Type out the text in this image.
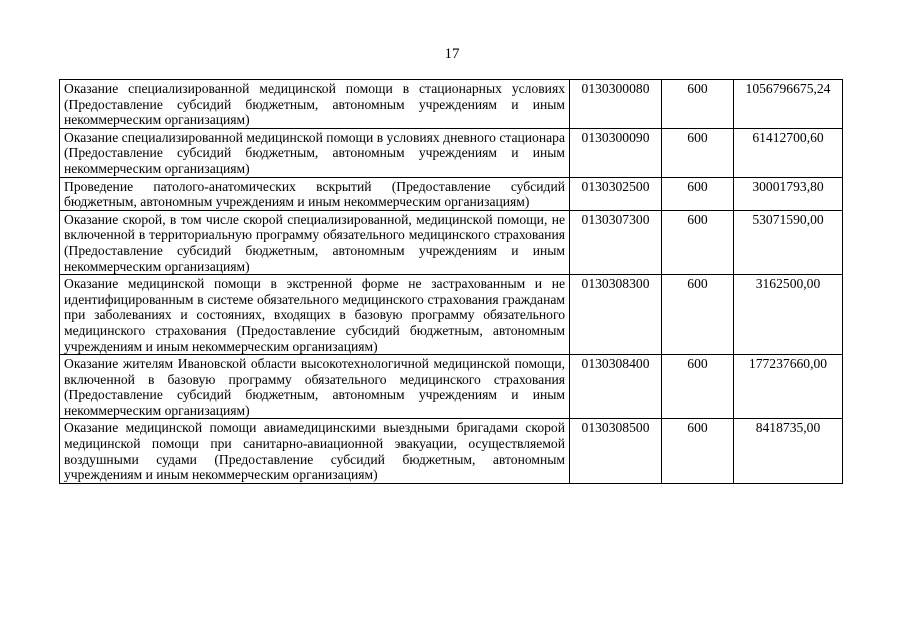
17
Оказание специализированной медицинской помощи в стационарных условиях (Предоставление субсидий бюджетным, автономным учреждениям и иным некоммерческим организациям)	0130300080	600	1056796675,24
Оказание специализированной медицинской помощи в условиях дневного стационара (Предоставление субсидий бюджетным, автономным учреждениям и иным некоммерческим организациям)	0130300090	600	61412700,60
Проведение патолого-анатомических вскрытий (Предоставление субсидий бюджетным, автономным учреждениям и иным некоммерческим организациям)	0130302500	600	30001793,80
Оказание скорой, в том числе скорой специализированной, медицинской помощи, не включенной в территориальную программу обязательного медицинского страхования (Предоставление субсидий бюджетным, автономным учреждениям и иным некоммерческим организациям)	0130307300	600	53071590,00
Оказание медицинской помощи в экстренной форме не застрахованным и не идентифицированным в системе обязательного медицинского страхования гражданам при заболеваниях и состояниях, входящих в базовую программу обязательного медицинского страхования (Предоставление субсидий бюджетным, автономным учреждениям и иным некоммерческим организациям)	0130308300	600	3162500,00
Оказание жителям Ивановской области высокотехнологичной медицинской помощи, включенной в базовую программу обязательного медицинского страхования (Предоставление субсидий бюджетным, автономным учреждениям и иным некоммерческим организациям)	0130308400	600	177237660,00
Оказание медицинской помощи авиамедицинскими выездными бригадами скорой медицинской помощи при санитарно-авиационной эвакуации, осуществляемой воздушными судами (Предоставление субсидий бюджетным, автономным учреждениям и иным некоммерческим организациям)	0130308500	600	8418735,00
